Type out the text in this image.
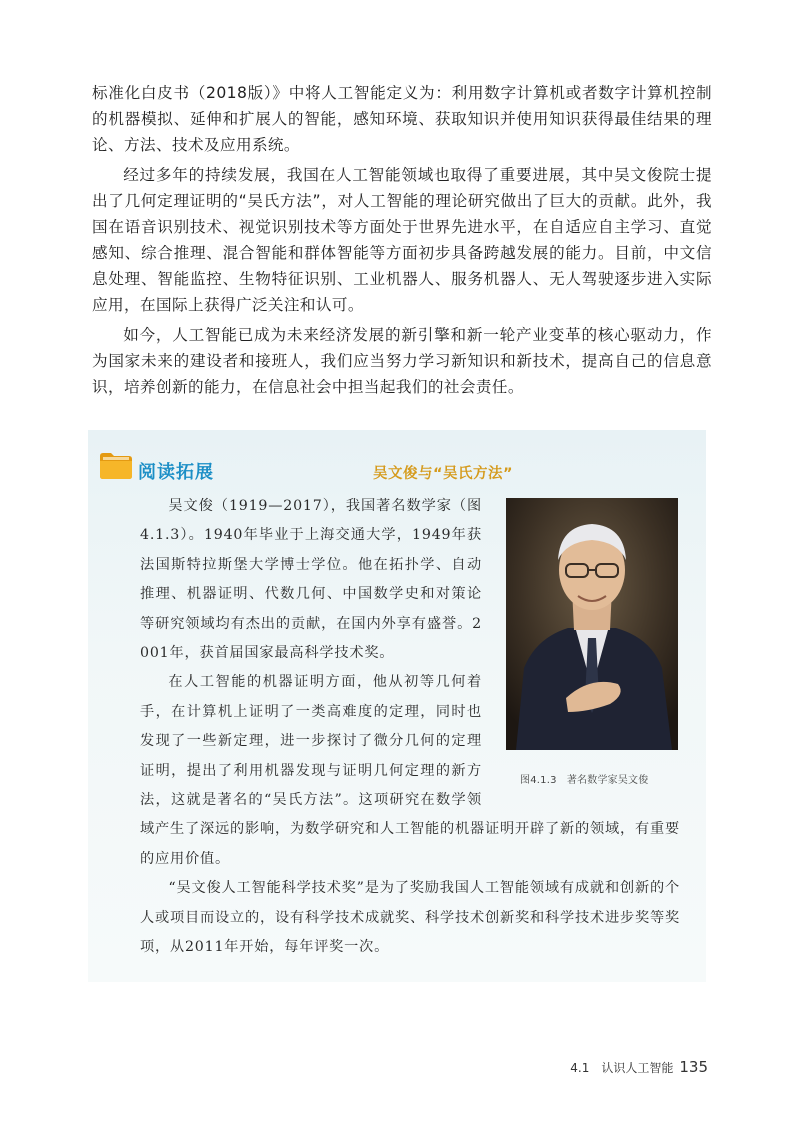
标准化白皮书（2018版）》中将人工智能定义为：利用数字计算机或者数字计算机控制的机器模拟、延伸和扩展人的智能，感知环境、获取知识并使用知识获得最佳结果的理论、方法、技术及应用系统。

经过多年的持续发展，我国在人工智能领域也取得了重要进展，其中吴文俊院士提出了几何定理证明的“吴氏方法”，对人工智能的理论研究做出了巨大的贡献。此外，我国在语音识别技术、视觉识别技术等方面处于世界先进水平，在自适应自主学习、直觉感知、综合推理、混合智能和群体智能等方面初步具备跨越发展的能力。目前，中文信息处理、智能监控、生物特征识别、工业机器人、服务机器人、无人驾驶逐步进入实际应用，在国际上获得广泛关注和认可。

如今，人工智能已成为未来经济发展的新引擎和新一轮产业变革的核心驱动力，作为国家未来的建设者和接班人，我们应当努力学习新知识和新技术，提高自己的信息意识，培养创新的能力，在信息社会中担当起我们的社会责任。

阅读拓展	吴文俊与“吴氏方法”
图4.1.3　著名数学家吴文俊

吴文俊（1919—2017），我国著名数学家（图4.1.3）。1940年毕业于上海交通大学，1949年获法国斯特拉斯堡大学博士学位。他在拓扑学、自动推理、机器证明、代数几何、中国数学史和对策论等研究领域均有杰出的贡献，在国内外享有盛誉。2001年，获首届国家最高科学技术奖。

在人工智能的机器证明方面，他从初等几何着手，在计算机上证明了一类高难度的定理，同时也发现了一些新定理，进一步探讨了微分几何的定理证明，提出了利用机器发现与证明几何定理的新方法，这就是著名的“吴氏方法”。这项研究在数学领域产生了深远的影响，为数学研究和人工智能的机器证明开辟了新的领域，有重要的应用价值。

“吴文俊人工智能科学技术奖”是为了奖励我国人工智能领域有成就和创新的个人或项目而设立的，设有科学技术成就奖、科学技术创新奖和科学技术进步奖等奖项，从2011年开始，每年评奖一次。

4.1　认识人工智能 135
